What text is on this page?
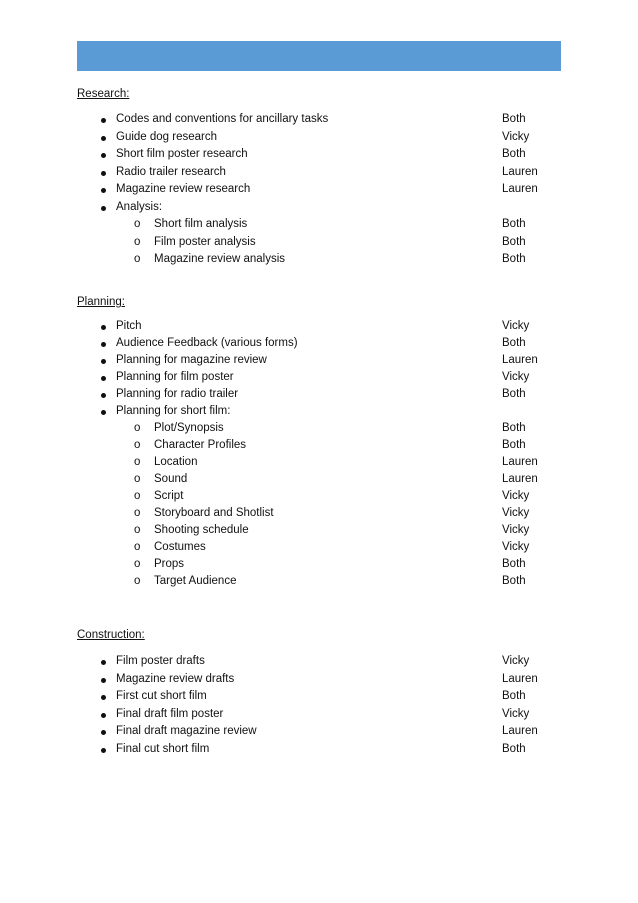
Research:
Codes and conventions for ancillary tasks	Both
Guide dog research	Vicky
Short film poster research	Both
Radio trailer research	Lauren
Magazine review research	Lauren
Analysis:
o Short film analysis	Both
o Film poster analysis	Both
o Magazine review analysis	Both
Planning:
Pitch	Vicky
Audience Feedback (various forms)	Both
Planning for magazine review	Lauren
Planning for film poster	Vicky
Planning for radio trailer	Both
Planning for short film:
o Plot/Synopsis	Both
o Character Profiles	Both
o Location	Lauren
o Sound	Lauren
o Script	Vicky
o Storyboard and Shotlist	Vicky
o Shooting schedule	Vicky
o Costumes	Vicky
o Props	Both
o Target Audience	Both
Construction:
Film poster drafts	Vicky
Magazine review drafts	Lauren
First cut short film	Both
Final draft film poster	Vicky
Final draft magazine review	Lauren
Final cut short film	Both
